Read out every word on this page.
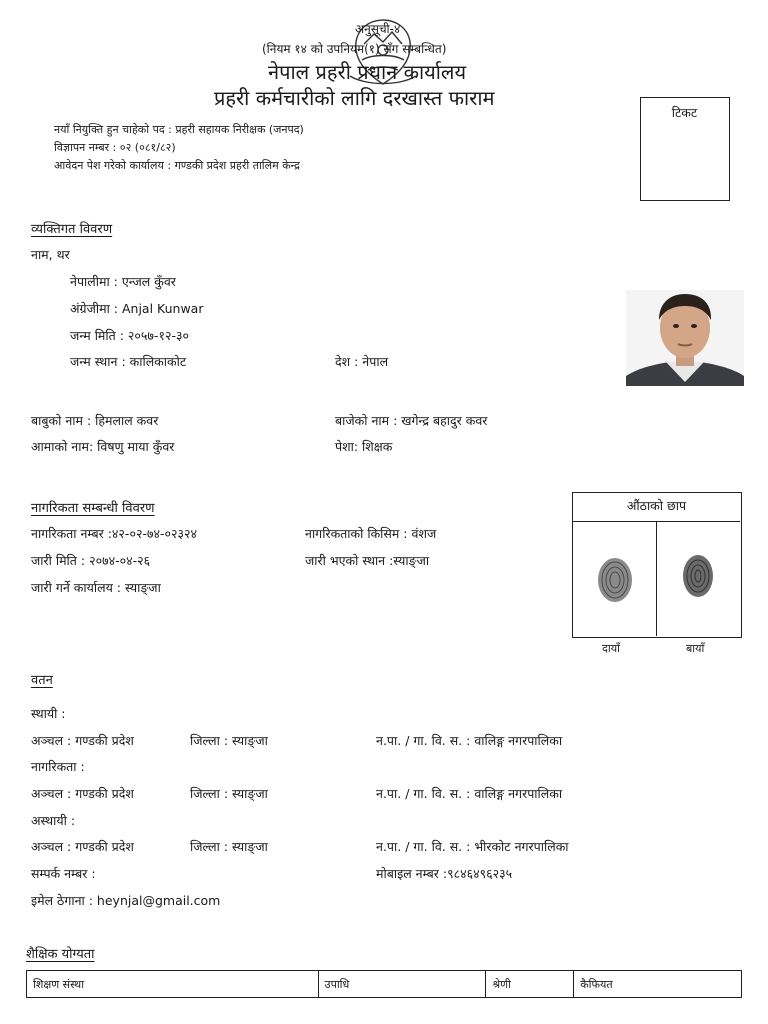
अनुसूची-४
(नियम १४ को उपनियम(१) सँग सम्बन्धित)
नेपाल प्रहरी प्रधान कार्यालय
प्रहरी कर्मचारीको लागि दरखास्त फाराम
टिकट
नयाँ नियुक्ति हुन चाहेको पद : प्रहरी सहायक निरीक्षक (जनपद)
विज्ञापन नम्बर : ०२ (०८१/८२)
आवेदन पेश गरेको कार्यालय : गण्डकी प्रदेश प्रहरी तालिम केन्द्र
व्यक्तिगत विवरण
नाम, थर
नेपालीमा : एन्जल कुँवर
अंग्रेजीमा : Anjal Kunwar
जन्म मिति : २०५७-१२-३०
जन्म स्थान : कालिकाकोट	देश : नेपाल
बाबुको नाम : हिमलाल कवर	बाजेको नाम : खगेन्द्र बहादुर कवर
आमाको नाम: विषणु माया कुँवर	पेशा: शिक्षक
नागरिकता सम्बन्धी विवरण
नागरिकता नम्बर :४२-०२-७४-०२३२४	नागरिकताको किसिम : वंशज
जारी मिति : २०७४-०४-२६	जारी भएको स्थान :स्याङ्जा
जारी गर्ने कार्यालय : स्याङ्जा
औंठाको छाप
दायाँ	बायाँ
वतन
स्थायी :
अञ्चल : गण्डकी प्रदेश	जिल्ला : स्याङ्जा	न.पा. / गा. वि. स. : वालिङ्ग नगरपालिका
नागरिकता :
अञ्चल : गण्डकी प्रदेश	जिल्ला : स्याङ्जा	न.पा. / गा. वि. स. : वालिङ्ग नगरपालिका
अस्थायी :
अञ्चल : गण्डकी प्रदेश	जिल्ला : स्याङ्जा	न.पा. / गा. वि. स. : भीरकोट नगरपालिका
सम्पर्क नम्बर :	मोबाइल नम्बर :९८४६४९६२३५
इमेल ठेगाना : heynjal@gmail.com
शैक्षिक योग्यता
शिक्षण संस्था	उपाधि	श्रेणी	कैफियत
